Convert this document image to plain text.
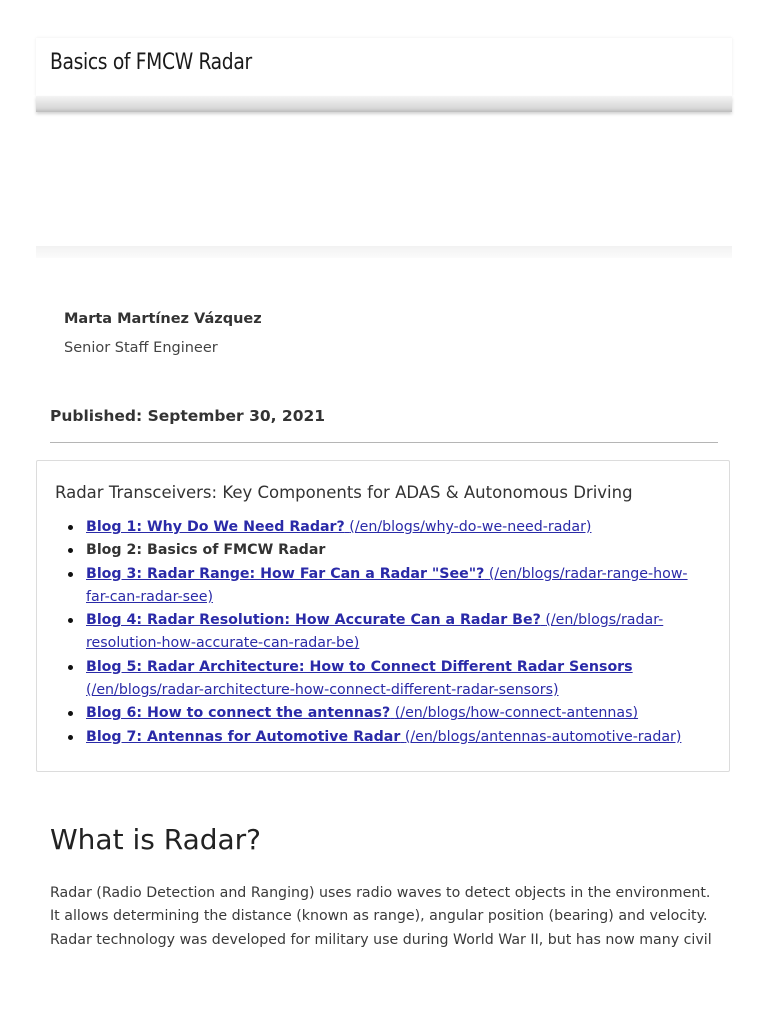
Basics of FMCW Radar
Marta Martínez Vázquez
Senior Staff Engineer
Published: September 30, 2021
Radar Transceivers: Key Components for ADAS & Autonomous Driving
Blog 1: Why Do We Need Radar? (/en/blogs/why-do-we-need-radar)
Blog 2: Basics of FMCW Radar
Blog 3: Radar Range: How Far Can a Radar "See"? (/en/blogs/radar-range-how-far-can-radar-see)
Blog 4: Radar Resolution: How Accurate Can a Radar Be? (/en/blogs/radar-resolution-how-accurate-can-radar-be)
Blog 5: Radar Architecture: How to Connect Different Radar Sensors (/en/blogs/radar-architecture-how-connect-different-radar-sensors)
Blog 6: How to connect the antennas? (/en/blogs/how-connect-antennas)
Blog 7: Antennas for Automotive Radar (/en/blogs/antennas-automotive-radar)
What is Radar?

Radar (Radio Detection and Ranging) uses radio waves to detect objects in the environment. It allows determining the distance (known as range), angular position (bearing) and velocity. Radar technology was developed for military use during World War II, but has now many civil
